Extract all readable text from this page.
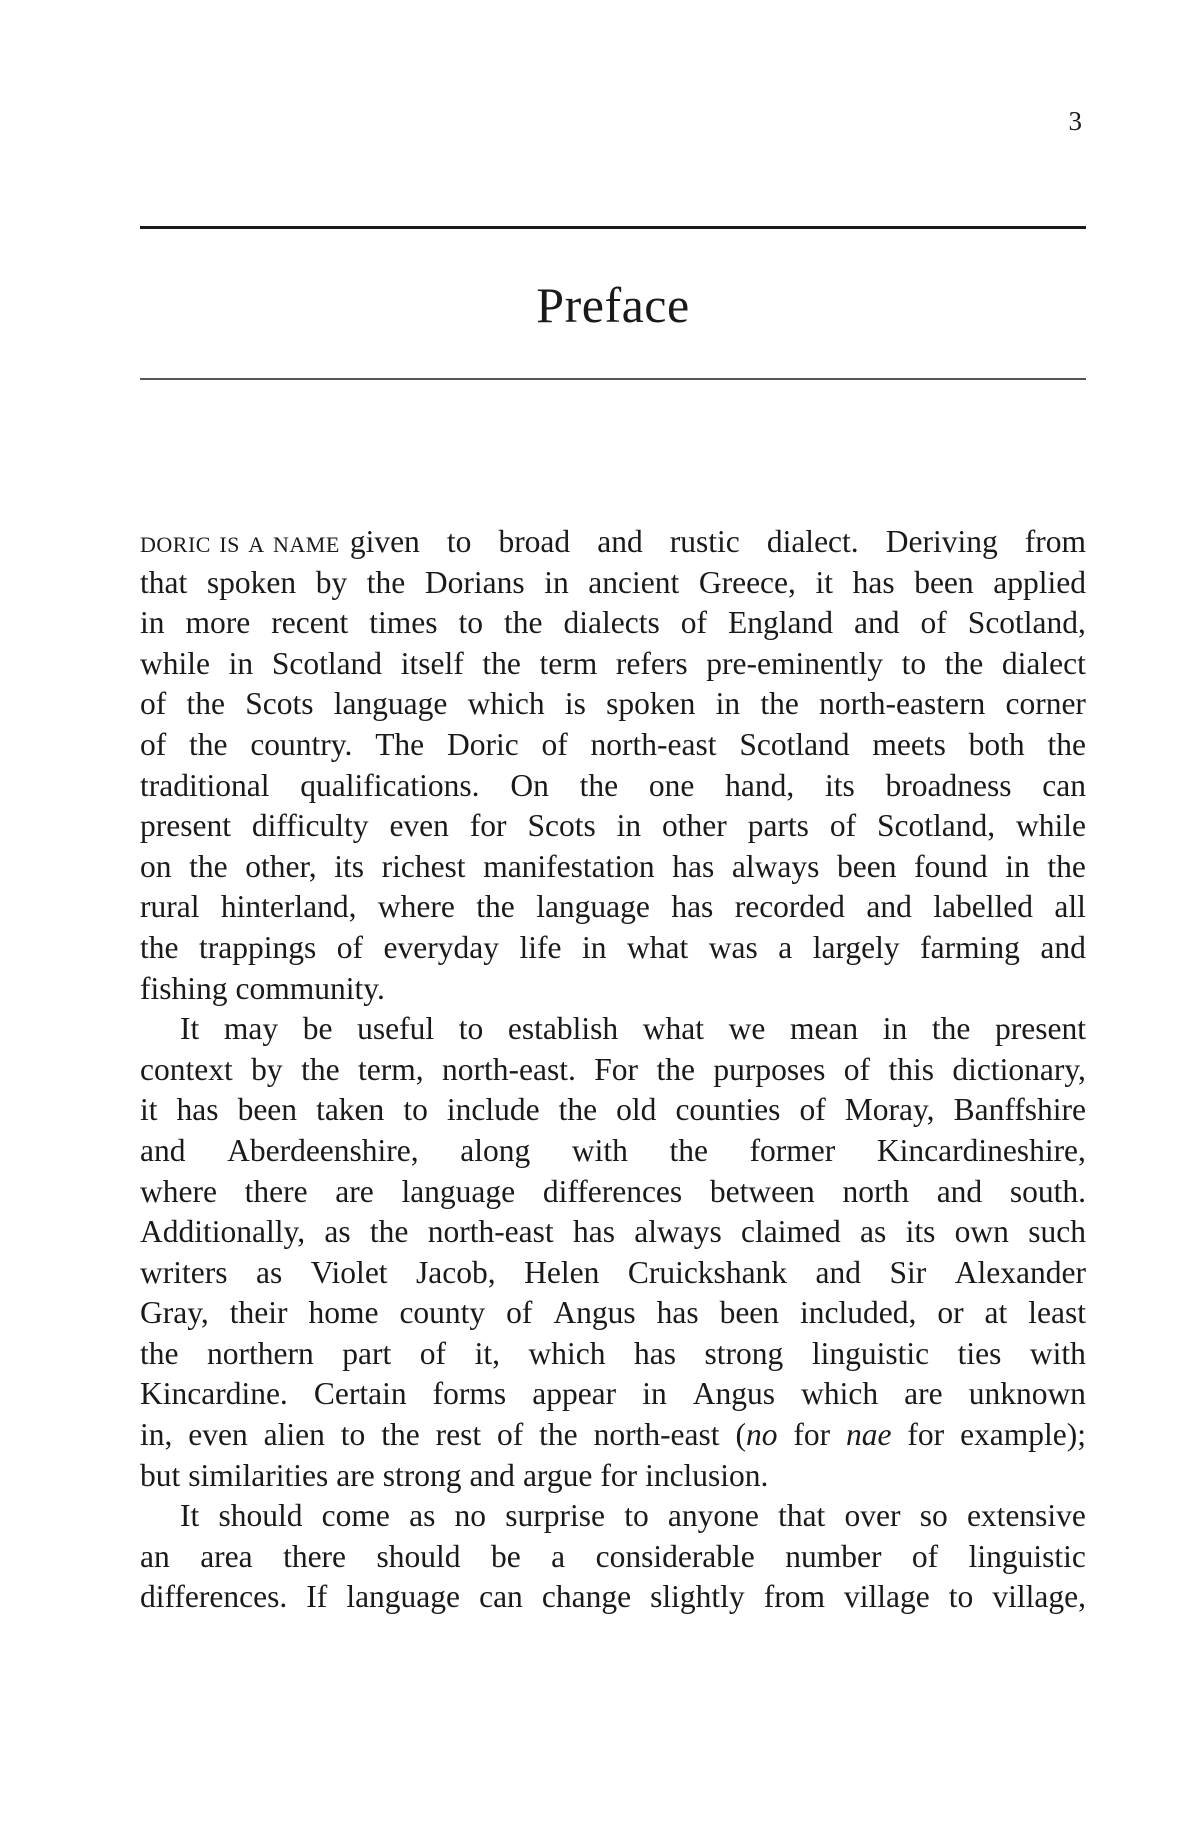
3
Preface
doric is a name given to broad and rustic dialect. Deriving from
that spoken by the Dorians in ancient Greece, it has been applied
in more recent times to the dialects of England and of Scotland,
while in Scotland itself the term refers pre-eminently to the dialect
of the Scots language which is spoken in the north-eastern corner
of the country. The Doric of north-east Scotland meets both the
traditional qualifications. On the one hand, its broadness can
present difficulty even for Scots in other parts of Scotland, while
on the other, its richest manifestation has always been found in the
rural hinterland, where the language has recorded and labelled all
the trappings of everyday life in what was a largely farming and
fishing community.
It may be useful to establish what we mean in the present
context by the term, north-east. For the purposes of this dictionary,
it has been taken to include the old counties of Moray, Banffshire
and Aberdeenshire, along with the former Kincardineshire,
where there are language differences between north and south.
Additionally, as the north-east has always claimed as its own such
writers as Violet Jacob, Helen Cruickshank and Sir Alexander
Gray, their home county of Angus has been included, or at least
the northern part of it, which has strong linguistic ties with
Kincardine. Certain forms appear in Angus which are unknown
in, even alien to the rest of the north-east (no for nae for example);
but similarities are strong and argue for inclusion.
It should come as no surprise to anyone that over so extensive
an area there should be a considerable number of linguistic
differences. If language can change slightly from village to village,
